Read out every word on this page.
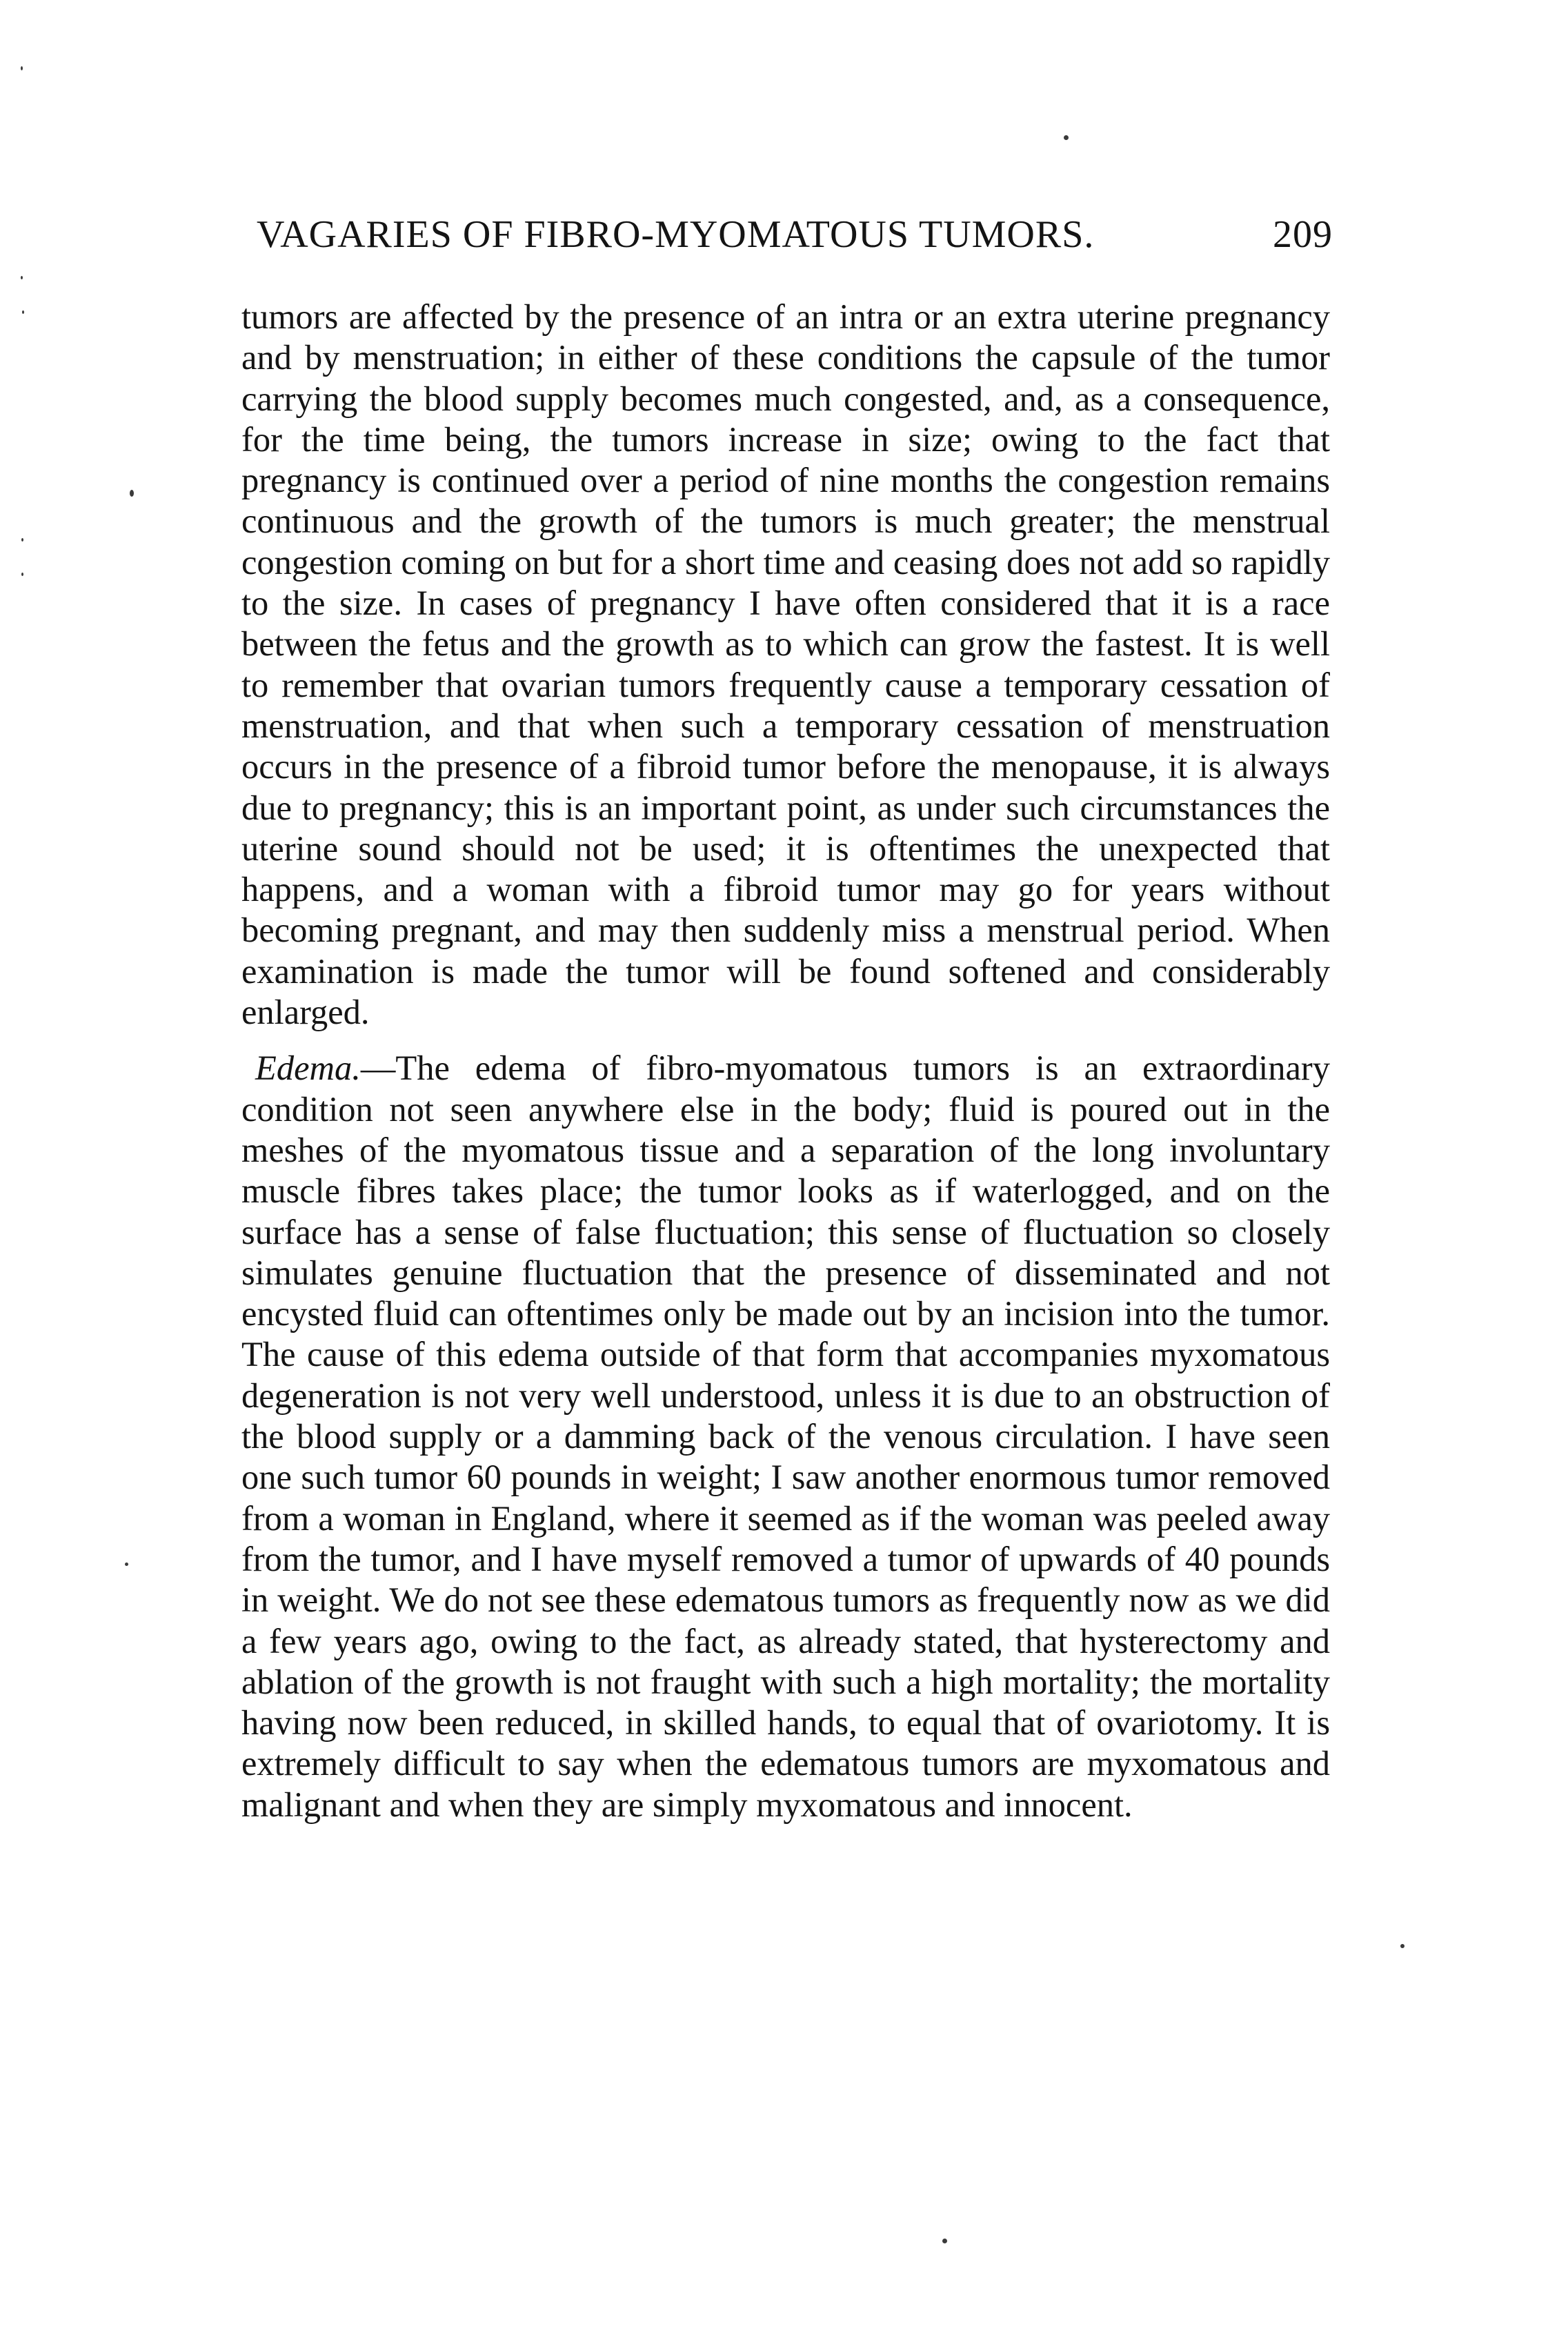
VAGARIES OF FIBRO-MYOMATOUS TUMORS.	209

tumors are affected by the presence of an intra or an extra uterine pregnancy and by menstruation; in either of these conditions the capsule of the tumor carrying the blood supply becomes much congested, and, as a consequence, for the time being, the tumors increase in size; owing to the fact that pregnancy is continued over a period of nine months the congestion remains continuous and the growth of the tumors is much greater; the menstrual congestion coming on but for a short time and ceasing does not add so rapidly to the size. In cases of pregnancy I have often considered that it is a race between the fetus and the growth as to which can grow the fastest. It is well to remember that ovarian tumors frequently cause a temporary cessation of menstruation, and that when such a temporary cessation of menstruation occurs in the presence of a fibroid tumor before the menopause, it is always due to pregnancy; this is an important point, as under such circumstances the uterine sound should not be used; it is oftentimes the unexpected that happens, and a woman with a fibroid tumor may go for years without becoming pregnant, and may then suddenly miss a menstrual period. When examination is made the tumor will be found softened and considerably enlarged.

Edema.—The edema of fibro-myomatous tumors is an extraordinary condition not seen anywhere else in the body; fluid is poured out in the meshes of the myomatous tissue and a separation of the long involuntary muscle fibres takes place; the tumor looks as if waterlogged, and on the surface has a sense of false fluctuation; this sense of fluctuation so closely simulates genuine fluctuation that the presence of disseminated and not encysted fluid can oftentimes only be made out by an incision into the tumor. The cause of this edema outside of that form that accompanies myxomatous degeneration is not very well understood, unless it is due to an obstruction of the blood supply or a damming back of the venous circulation. I have seen one such tumor 60 pounds in weight; I saw another enormous tumor removed from a woman in England, where it seemed as if the woman was peeled away from the tumor, and I have myself removed a tumor of upwards of 40 pounds in weight. We do not see these edematous tumors as frequently now as we did a few years ago, owing to the fact, as already stated, that hysterectomy and ablation of the growth is not fraught with such a high mortality; the mortality having now been reduced, in skilled hands, to equal that of ovariotomy. It is extremely difficult to say when the edematous tumors are myxomatous and malignant and when they are simply myxomatous and innocent.
